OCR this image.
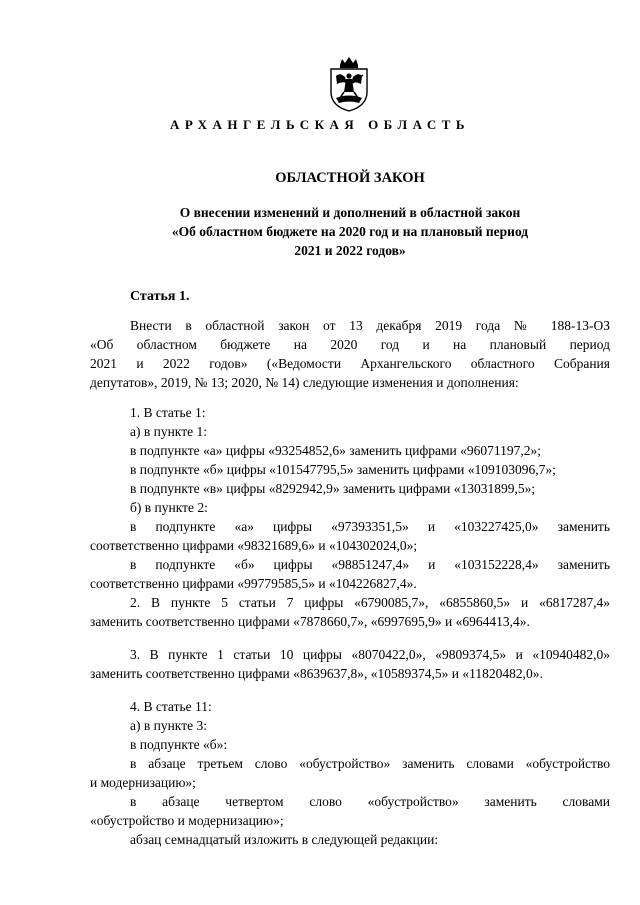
АРХАНГЕЛЬСКАЯ ОБЛАСТЬ
ОБЛАСТНОЙ ЗАКОН
О внесении изменений и дополнений в областной закон
«Об областном бюджете на 2020 год и на плановый период
2021 и 2022 годов»
Статья 1.
Внести в областной закон от 13 декабря 2019 года № 188-13-ОЗ
«Об областном бюджете на 2020 год и на плановый период
2021 и 2022 годов» («Ведомости Архангельского областного Собрания
депутатов», 2019, № 13; 2020, № 14) следующие изменения и дополнения:
1. В статье 1:
а) в пункте 1:
в подпункте «а» цифры «93254852,6» заменить цифрами «96071197,2»;
в подпункте «б» цифры «101547795,5» заменить цифрами «109103096,7»;
в подпункте «в» цифры «8292942,9» заменить цифрами «13031899,5»;
б) в пункте 2:
в подпункте «а» цифры «97393351,5» и «103227425,0» заменить
соответственно цифрами «98321689,6» и «104302024,0»;
в подпункте «б» цифры «98851247,4» и «103152228,4» заменить
соответственно цифрами «99779585,5» и «104226827,4».
2. В пункте 5 статьи 7 цифры «6790085,7», «6855860,5» и «6817287,4»
заменить соответственно цифрами «7878660,7», «6997695,9» и «6964413,4».
3. В пункте 1 статьи 10 цифры «8070422,0», «9809374,5» и «10940482,0»
заменить соответственно цифрами «8639637,8», «10589374,5» и «11820482,0».
4. В статье 11:
а) в пункте 3:
в подпункте «б»:
в абзаце третьем слово «обустройство» заменить словами «обустройство
и модернизацию»;
в абзаце четвертом слово «обустройство» заменить словами
«обустройство и модернизацию»;
абзац семнадцатый изложить в следующей редакции:
